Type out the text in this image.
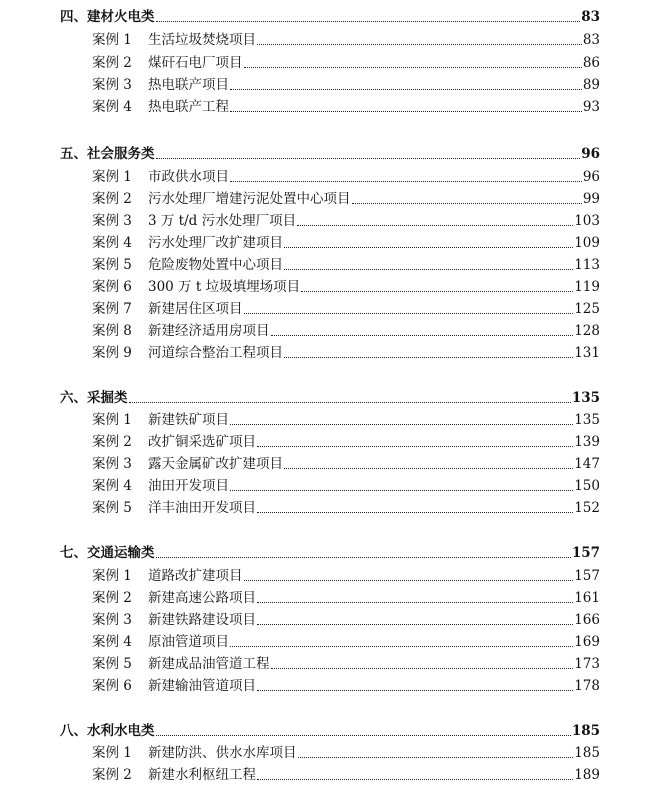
四、建材火电类	83
案例 1	生活垃圾焚烧项目	83
案例 2	煤矸石电厂项目	86
案例 3	热电联产项目	89
案例 4	热电联产工程	93
五、社会服务类	96
案例 1	市政供水项目	96
案例 2	污水处理厂增建污泥处置中心项目	99
案例 3	3 万 t/d 污水处理厂项目	103
案例 4	污水处理厂改扩建项目	109
案例 5	危险废物处置中心项目	113
案例 6	300 万 t 垃圾填埋场项目	119
案例 7	新建居住区项目	125
案例 8	新建经济适用房项目	128
案例 9	河道综合整治工程项目	131
六、采掘类	135
案例 1	新建铁矿项目	135
案例 2	改扩铜采选矿项目	139
案例 3	露天金属矿改扩建项目	147
案例 4	油田开发项目	150
案例 5	洋丰油田开发项目	152
七、交通运输类	157
案例 1	道路改扩建项目	157
案例 2	新建高速公路项目	161
案例 3	新建铁路建设项目	166
案例 4	原油管道项目	169
案例 5	新建成品油管道工程	173
案例 6	新建输油管道项目	178
八、水利水电类	185
案例 1	新建防洪、供水水库项目	185
案例 2	新建水利枢纽工程	189
